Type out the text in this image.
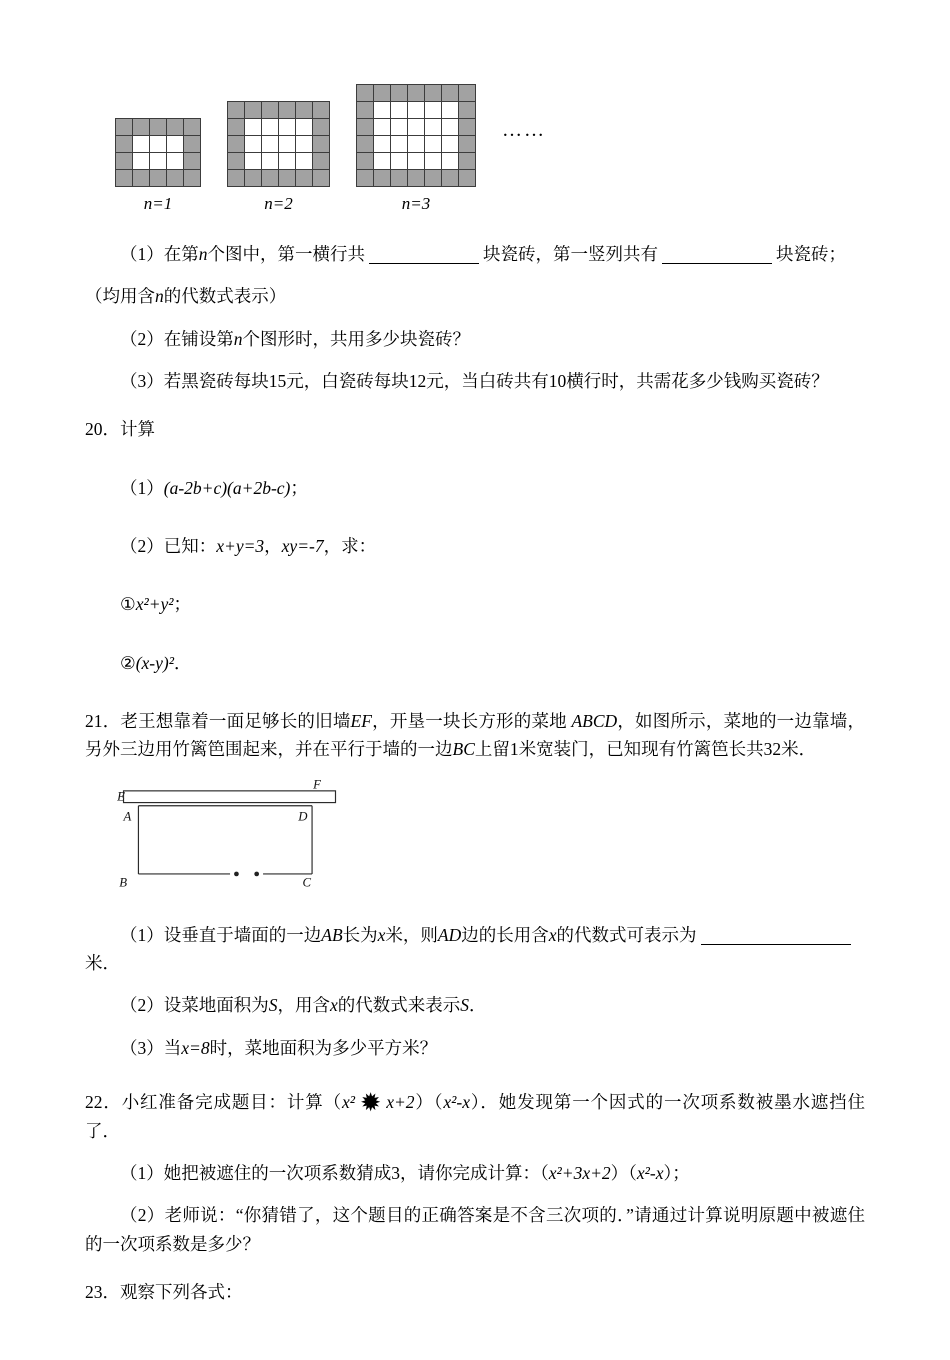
n=1	n=2	n=3
……

（1）在第n个图中，第一横行共	块瓷砖，第一竖列共有	块瓷砖；

（均用含n的代数式表示）

（2）在铺设第n个图形时，共用多少块瓷砖？

（3）若黑瓷砖每块15元，白瓷砖每块12元，当白砖共有10横行时，共需花多少钱购买瓷砖？

20．计算

（1）(a-2b+c)(a+2b-c)；

（2）已知：x+y=3，xy=-7，求：

①x²+y²；

②(x-y)²．

21．老王想靠着一面足够长的旧墙EF，开垦一块长方形的菜地 ABCD，如图所示，菜地的一边靠墙，另外三边用竹篱笆围起来，并在平行于墙的一边BC上留1米宽装门，已知现有竹篱笆长共32米．

E
F
A	D
B	C

（1）设垂直于墙面的一边AB长为x米，则AD边的长用含x的代数式可表示为
米．

（2）设菜地面积为S，用含x的代数式来表示S．

（3）当x=8时，菜地面积为多少平方米？

22．小红准备完成题目：计算（x² ✹ x+2）（x²-x）．她发现第一个因式的一次项系数被墨水遮挡住了．

（1）她把被遮住的一次项系数猜成3，请你完成计算：（x²+3x+2）（x²-x）；

（2）老师说：“你猜错了，这个题目的正确答案是不含三次项的．”请通过计算说明原题中被遮住的一次项系数是多少？

23．观察下列各式：
